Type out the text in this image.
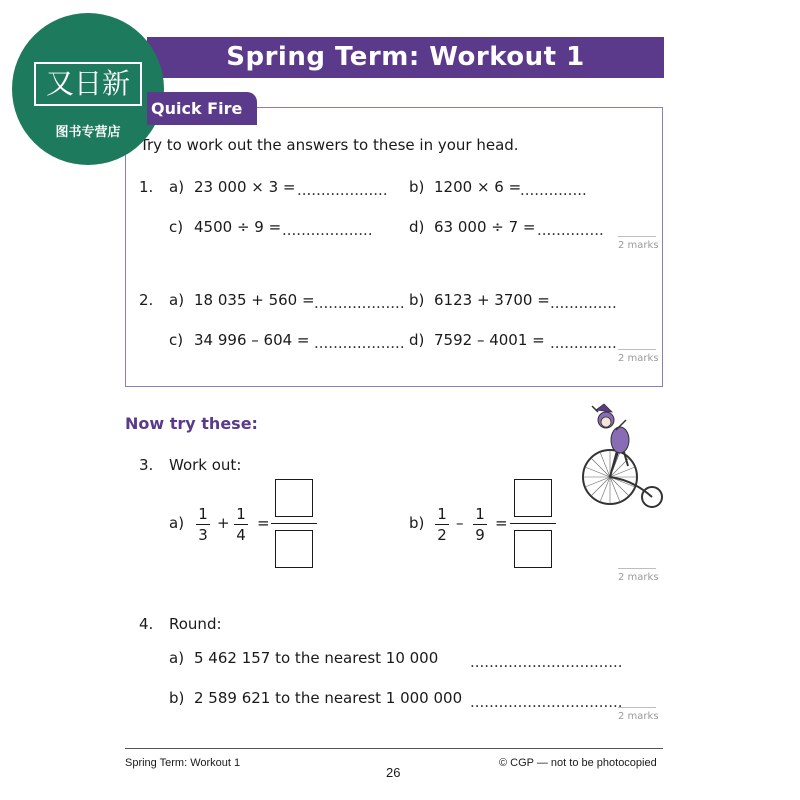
又日新
图书专营店
Spring Term: Workout 1
Quick Fire
Try to work out the answers to these in your head.
1. a) 23 000 × 3 = ................... b) 1200 × 6 =
..............
c) 4500 ÷ 9 = ................... d) 63 000 ÷ 7 = ..............
2 marks
2. a) 18 035 + 560 = ................... b) 6123 + 3700 = ..............
c) 34 996 – 604 = ................... d) 7592 – 4001 = ..............
2 marks
Now try these:
3. Work out:
a) 1
3
+ 1
4
=	b) 1
2
– 1
9
=
2 marks
4. Round:
a) 5 462 157 to the nearest 10 000 ................................
b) 2 589 621 to the nearest 1 000 000 ................................
2 marks
Spring Term: Workout 1
26
© CGP — not to be photocopied
